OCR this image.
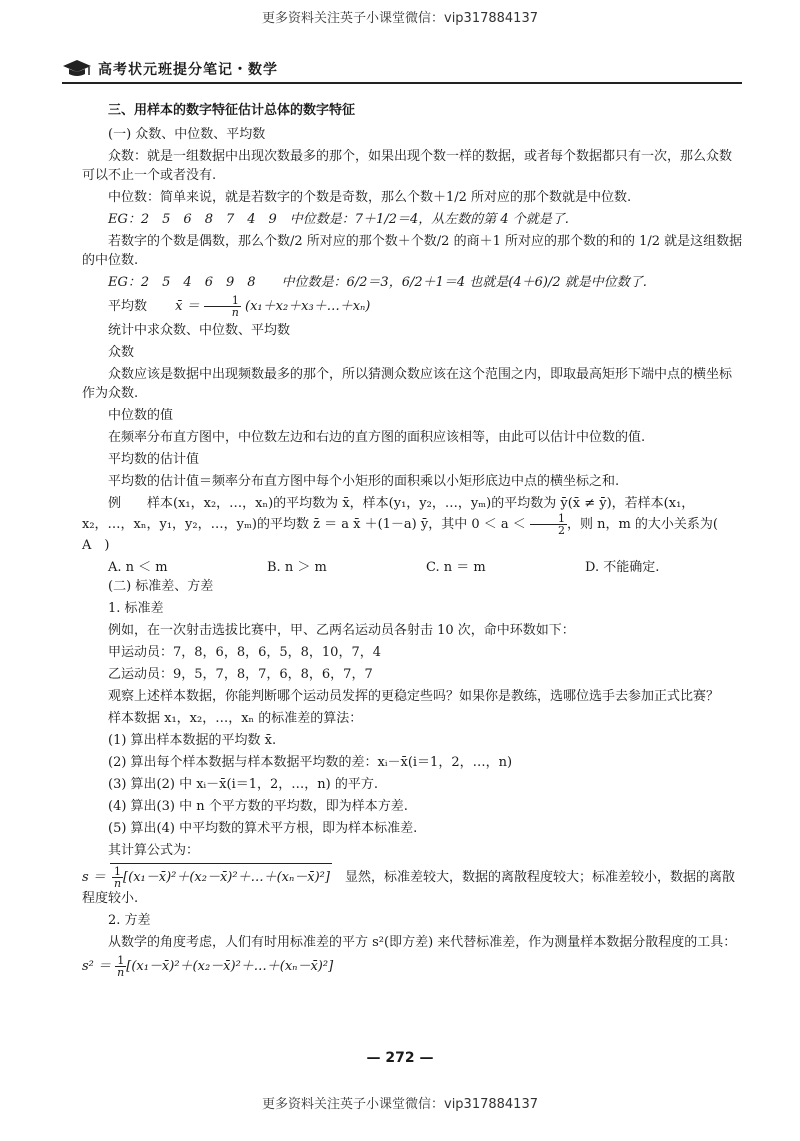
更多资料关注英子小课堂微信：vip317884137
高考状元班提分笔记・数学

三、用样本的数字特征估计总体的数字特征

(一) 众数、中位数、平均数

众数：就是一组数据中出现次数最多的那个，如果出现个数一样的数据，或者每个数据都只有一次，那么众数可以不止一个或者没有.

中位数：简单来说，就是若数字的个数是奇数，那么个数＋1/2 所对应的那个数就是中位数.

EG：2　5　6　8　7　4　9　中位数是：7＋1/2＝4，从左数的第 4 个就是了.

若数字的个数是偶数，那么个数/2 所对应的那个数＋个数/2 的商＋1 所对应的那个数的和的 1/2 就是这组数据的中位数.

EG：2　5　4　6　9　8　　中位数是：6/2＝3，6/2＋1＝4 也就是(4＋6)/2 就是中位数了.

平均数 x̄ ＝ $\frac{1}{n}$ (x₁＋x₂＋x₃＋…＋xₙ)

统计中求众数、中位数、平均数

众数

众数应该是数据中出现频数最多的那个，所以猜测众数应该在这个范围之内，即取最高矩形下端中点的横坐标作为众数.

中位数的值

在频率分布直方图中，中位数左边和右边的直方图的面积应该相等，由此可以估计中位数的值.

平均数的估计值

平均数的估计值＝频率分布直方图中每个小矩形的面积乘以小矩形底边中点的横坐标之和.

例　　样本(x₁，x₂，…，xₙ)的平均数为 x̄，样本(y₁，y₂，…，yₘ)的平均数为 ȳ(x̄ ≠ ȳ)，若样本(x₁，x₂，…，xₙ，y₁，y₂，…，yₘ)的平均数 z̄ ＝ a x̄ ＋(1－a) ȳ，其中 $0 < a < \frac{1}{2}$ ，则 n，m 的大小关系为(　A　)

A. n ＜ m	B. n ＞ m	C. n ＝ m	D. 不能确定.

(二) 标准差、方差

1. 标准差

例如，在一次射击选拔比赛中，甲、乙两名运动员各射击 10 次，命中环数如下：

甲运动员：7，8，6，8，6，5，8，10，7，4

乙运动员：9，5，7，8，7，6，8，6，7，7

观察上述样本数据，你能判断哪个运动员发挥的更稳定些吗？如果你是教练，选哪位选手去参加正式比赛？

样本数据 x₁，x₂，…，xₙ 的标准差的算法：

(1) 算出样本数据的平均数 x̄.

(2) 算出每个样本数据与样本数据平均数的差：xᵢ－x̄(i＝1，2，…，n)

(3) 算出(2) 中 xᵢ－x̄(i＝1，2，…，n) 的平方.

(4) 算出(3) 中 n 个平方数的平均数，即为样本方差.

(5) 算出(4) 中平均数的算术平方根，即为样本标准差.

其计算公式为：

$s = \frac{1}{n}$ [(x₁－x̄)²＋(x₂－x̄)²＋…＋(xₙ－x̄)²]　显然，标准差较大，数据的离散程度较大；标准差较小，数据的离散程度较小.

2. 方差

从数学的角度考虑，人们有时用标准差的平方 s²(即方差) 来代替标准差，作为测量样本数据分散程度的工具：

$s^2 = \frac{1}{n}$ [(x₁－x̄)²＋(x₂－x̄)²＋…＋(xₙ－x̄)²]

— 272 —
更多资料关注英子小课堂微信：vip317884137
